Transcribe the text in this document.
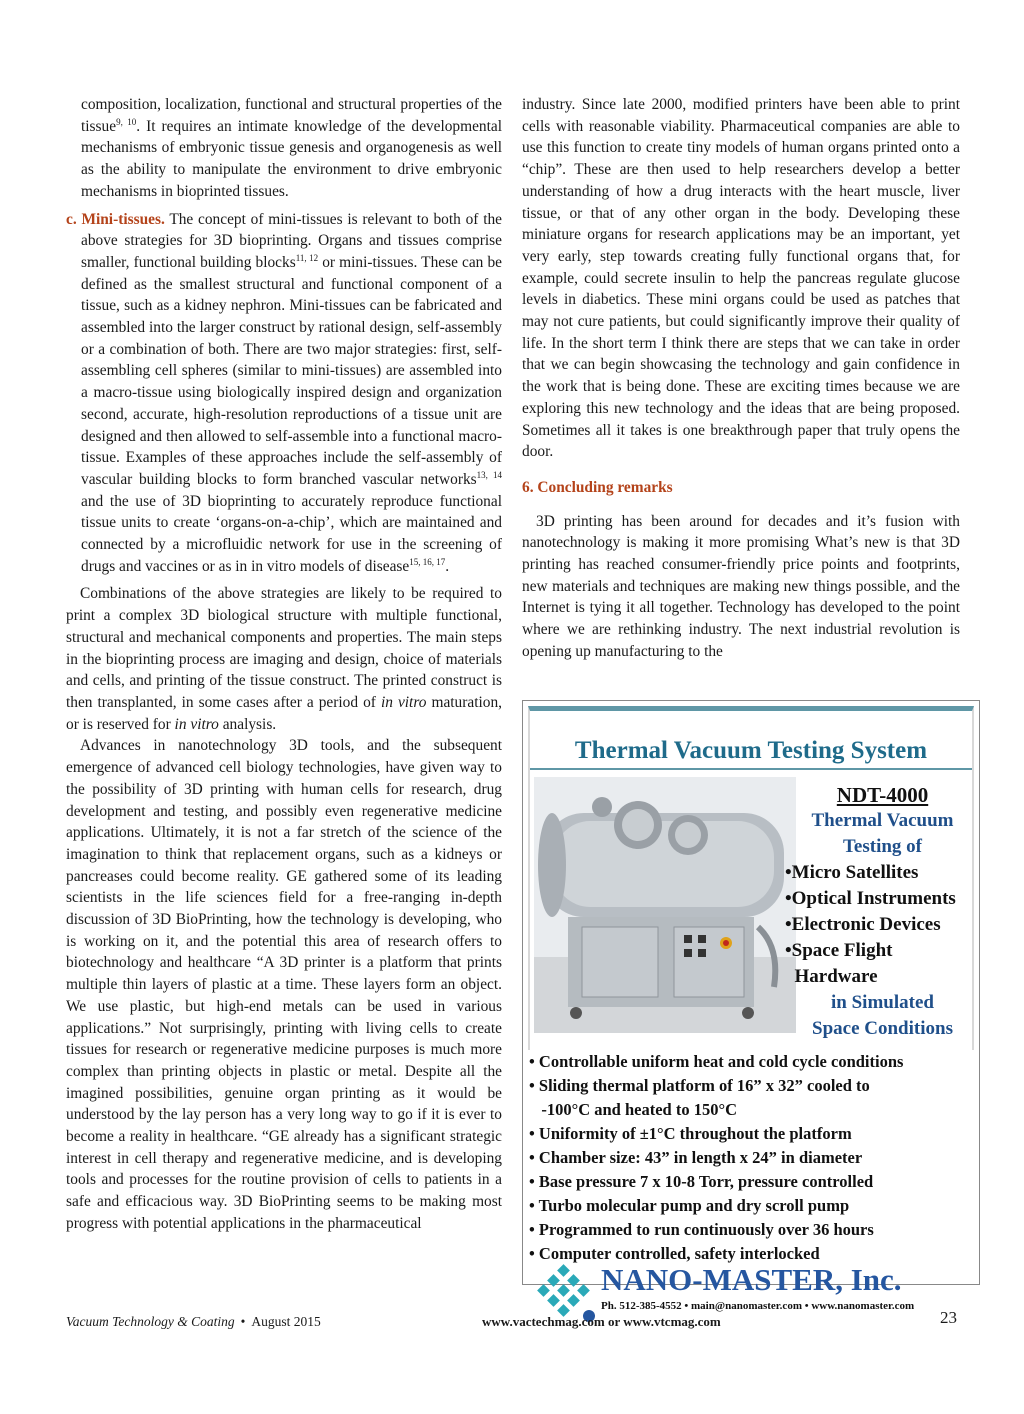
composition, localization, functional and structural properties of the tissue$^{9, 10}$. It requires an intimate knowledge of the developmental mechanisms of embryonic tissue genesis and organogenesis as well as the ability to manipulate the environment to drive embryonic mechanisms in bioprinted tissues.

c. Mini-tissues. The concept of mini-tissues is relevant to both of the above strategies for 3D bioprinting. Organs and tissues comprise smaller, functional building blocks$^{11, 12}$ or mini-tissues. These can be defined as the smallest structural and functional component of a tissue, such as a kidney nephron. Mini-tissues can be fabricated and assembled into the larger construct by rational design, self-assembly or a combination of both. There are two major strategies: first, self-assembling cell spheres (similar to mini-tissues) are assembled into a macro-tissue using biologically inspired design and organization second, accurate, high-resolution reproductions of a tissue unit are designed and then allowed to self-assemble into a functional macro-tissue. Examples of these approaches include the self-assembly of vascular building blocks to form branched vascular networks$^{13, 14}$ and the use of 3D bioprinting to accurately reproduce functional tissue units to create ‘organs-on-a-chip’, which are maintained and connected by a microfluidic network for use in the screening of drugs and vaccines or as in in vitro models of disease$^{15, 16, 17}$.

Combinations of the above strategies are likely to be required to print a complex 3D biological structure with multiple functional, structural and mechanical components and properties. The main steps in the bioprinting process are imaging and design, choice of materials and cells, and printing of the tissue construct. The printed construct is then transplanted, in some cases after a period of in vitro maturation, or is reserved for in vitro analysis.

Advances in nanotechnology 3D tools, and the subsequent emergence of advanced cell biology technologies, have given way to the possibility of 3D printing with human cells for research, drug development and testing, and possibly even regenerative medicine applications. Ultimately, it is not a far stretch of the science of the imagination to think that replacement organs, such as a kidneys or pancreases could become reality. GE gathered some of its leading scientists in the life sciences field for a free-ranging in-depth discussion of 3D BioPrinting, how the technology is developing, who is working on it, and the potential this area of research offers to biotechnology and healthcare “A 3D printer is a platform that prints multiple thin layers of plastic at a time. These layers form an object. We use plastic, but high-end metals can be used in various applications.” Not surprisingly, printing with living cells to create tissues for research or regenerative medicine purposes is much more complex than printing objects in plastic or metal. Despite all the imagined possibilities, genuine organ printing as it would be understood by the lay person has a very long way to go if it is ever to become a reality in healthcare. “GE already has a significant strategic interest in cell therapy and regenerative medicine, and is developing tools and processes for the routine provision of cells to patients in a safe and efficacious way. 3D BioPrinting seems to be making most progress with potential applications in the pharmaceutical

industry. Since late 2000, modified printers have been able to print cells with reasonable viability. Pharmaceutical companies are able to use this function to create tiny models of human organs printed onto a “chip”. These are then used to help researchers develop a better understanding of how a drug interacts with the heart muscle, liver tissue, or that of any other organ in the body. Developing these miniature organs for research applications may be an important, yet very early, step towards creating fully functional organs that, for example, could secrete insulin to help the pancreas regulate glucose levels in diabetics. These mini organs could be used as patches that may not cure patients, but could significantly improve their quality of life. In the short term I think there are steps that we can take in order that we can begin showcasing the technology and gain confidence in the work that is being done. These are exciting times because we are exploring this new technology and the ideas that are being proposed. Sometimes all it takes is one breakthrough paper that truly opens the door.

6. Concluding remarks

3D printing has been around for decades and it’s fusion with nanotechnology is making it more promising What’s new is that 3D printing has reached consumer-friendly price points and footprints, new materials and techniques are making new things possible, and the Internet is tying it all together. Technology has developed to the point where we are rethinking industry. The next industrial revolution is opening up manufacturing to the

Thermal Vacuum Testing System
NDT-4000
Thermal Vacuum
Testing of
•Micro Satellites
•Optical Instruments
•Electronic Devices
•Space Flight
Hardware
in Simulated
Space Conditions
• Controllable uniform heat and cold cycle conditions
• Sliding thermal platform of 16” x 32” cooled to
-100°C and heated to 150°C
• Uniformity of ±1°C throughout the platform
• Chamber size: 43” in length x 24” in diameter
• Base pressure 7 x 10-8 Torr, pressure controlled
• Turbo molecular pump and dry scroll pump
• Programmed to run continuously over 36 hours
• Computer controlled, safety interlocked
NANO-MASTER, Inc.
Ph. 512-385-4552 • main@nanomaster.com • www.nanomaster.com
Vacuum Technology & Coating • August 2015	www.vactechmag.com or www.vtcmag.com	23
